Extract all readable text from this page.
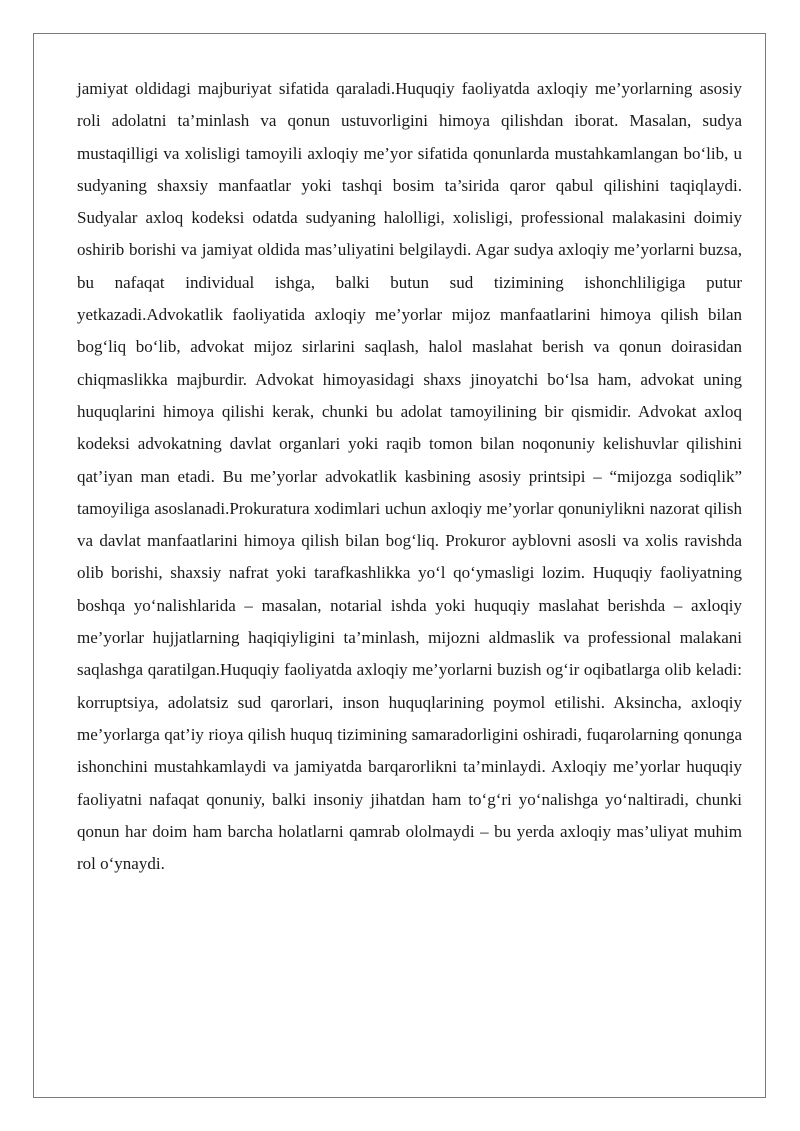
jamiyat oldidagi majburiyat sifatida qaraladi.Huquqiy faoliyatda axloqiy me’yorlarning asosiy roli adolatni ta’minlash va qonun ustuvorligini himoya qilishdan iborat. Masalan, sudya mustaqilligi va xolisligi tamoyili axloqiy me’yor sifatida qonunlarda mustahkamlangan bo‘lib, u sudyaning shaxsiy manfaatlar yoki tashqi bosim ta’sirida qaror qabul qilishini taqiqlaydi. Sudyalar axloq kodeksi odatda sudyaning halolligi, xolisligi, professional malakasini doimiy oshirib borishi va jamiyat oldida mas’uliyatini belgilaydi. Agar sudya axloqiy me’yorlarni buzsa, bu nafaqat individual ishga, balki butun sud tizimining ishonchliligiga putur yetkazadi.Advokatlik faoliyatida axloqiy me’yorlar mijoz manfaatlarini himoya qilish bilan bog‘liq bo‘lib, advokat mijoz sirlarini saqlash, halol maslahat berish va qonun doirasidan chiqmaslikka majburdir. Advokat himoyasidagi shaxs jinoyatchi bo‘lsa ham, advokat uning huquqlarini himoya qilishi kerak, chunki bu adolat tamoyilining bir qismidir. Advokat axloq kodeksi advokatning davlat organlari yoki raqib tomon bilan noqonuniy kelishuvlar qilishini qat’iyan man etadi. Bu me’yorlar advokatlik kasbining asosiy printsipi – “mijozga sodiqlik” tamoyiliga asoslanadi.Prokuratura xodimlari uchun axloqiy me’yorlar qonuniylikni nazorat qilish va davlat manfaatlarini himoya qilish bilan bog‘liq. Prokuror ayblovni asosli va xolis ravishda olib borishi, shaxsiy nafrat yoki tarafkashlikka yo‘l qo‘ymasligi lozim. Huquqiy faoliyatning boshqa yo‘nalishlarida – masalan, notarial ishda yoki huquqiy maslahat berishda – axloqiy me’yorlar hujjatlarning haqiqiyligini ta’minlash, mijozni aldmaslik va professional malakani saqlashga qaratilgan.Huquqiy faoliyatda axloqiy me’yorlarni buzish og‘ir oqibatlarga olib keladi: korruptsiya, adolatsiz sud qarorlari, inson huquqlarining poymol etilishi. Aksincha, axloqiy me’yorlarga qat’iy rioya qilish huquq tizimining samaradorligini oshiradi, fuqarolarning qonunga ishonchini mustahkamlaydi va jamiyatda barqarorlikni ta’minlaydi. Axloqiy me’yorlar huquqiy faoliyatni nafaqat qonuniy, balki insoniy jihatdan ham to‘g‘ri yo‘nalishga yo‘naltiradi, chunki qonun har doim ham barcha holatlarni qamrab ololmaydi – bu yerda axloqiy mas’uliyat muhim rol o‘ynaydi.
